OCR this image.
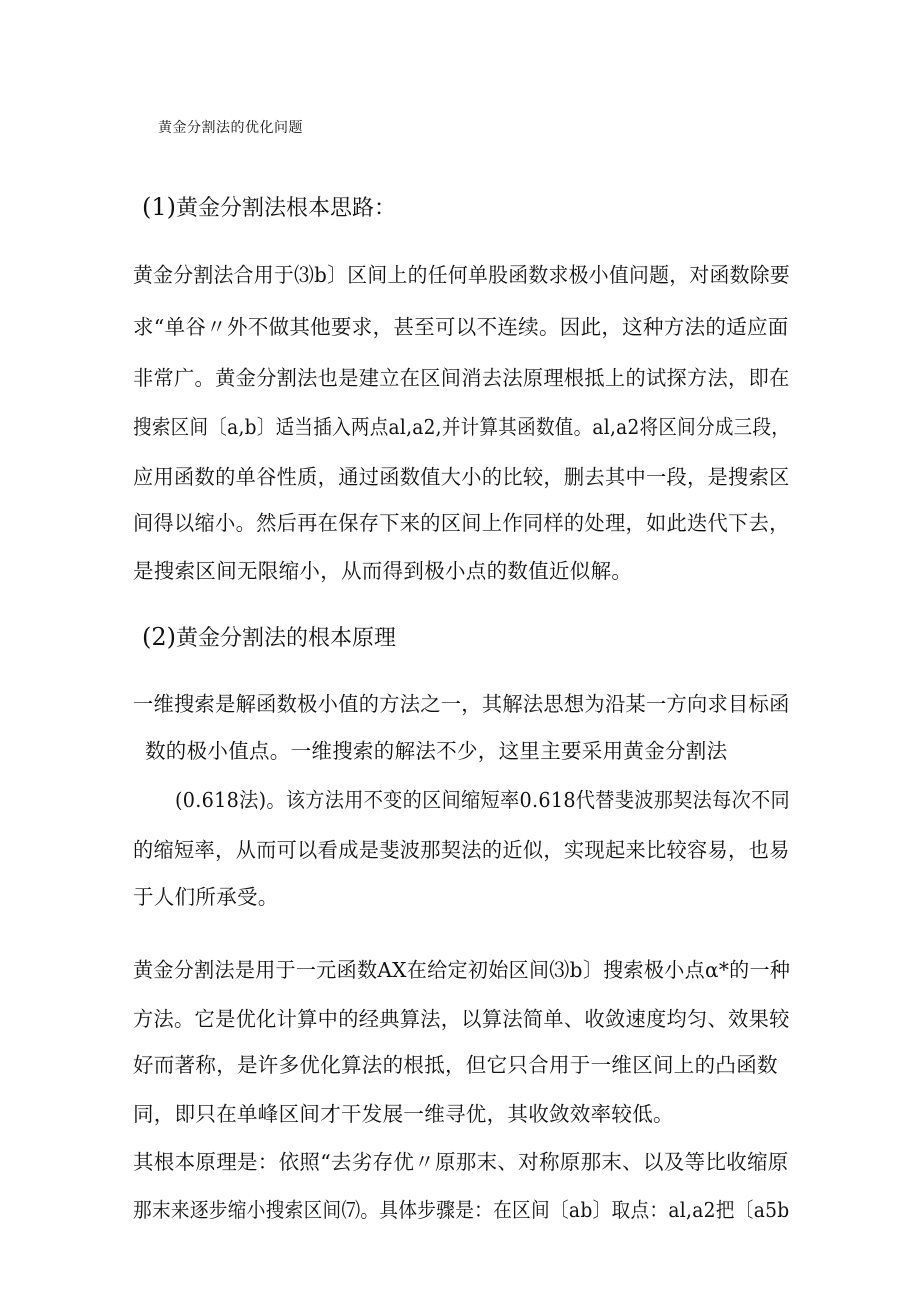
黄金分割法的优化问题
(1)黄金分割法根本思路：
黄金分割法合用于⑶b〕区间上的任何单股函数求极小值问题，对函数除要
求“单谷〃外不做其他要求，甚至可以不连续。因此，这种方法的适应面
非常广。黄金分割法也是建立在区间消去法原理根抵上的试探方法，即在
搜索区间〔a,b〕适当插入两点al,a2,并计算其函数值。al,a2将区间分成三段，
应用函数的单谷性质，通过函数值大小的比较，删去其中一段，是搜索区
间得以缩小。然后再在保存下来的区间上作同样的处理，如此迭代下去，
是搜索区间无限缩小，从而得到极小点的数值近似解。
(2)黄金分割法的根本原理
一维搜索是解函数极小值的方法之一，其解法思想为沿某一方向求目标函
数的极小值点。一维搜索的解法不少，这里主要采用黄金分割法
(0.618法)。该方法用不变的区间缩短率0.618代替斐波那契法每次不同
的缩短率，从而可以看成是斐波那契法的近似，实现起来比较容易，也易
于人们所承受。
黄金分割法是用于一元函数AX在给定初始区间⑶b〕搜索极小点α*的一种
方法。它是优化计算中的经典算法，以算法简单、收敛速度均匀、效果较
好而著称，是许多优化算法的根抵，但它只合用于一维区间上的凸函数
同，即只在单峰区间才干发展一维寻优，其收敛效率较低。
其根本原理是：依照“去劣存优〃原那末、对称原那末、以及等比收缩原
那末来逐步缩小搜索区间⑺。具体步骤是：在区间〔ab〕取点：al,a2把〔a5b
